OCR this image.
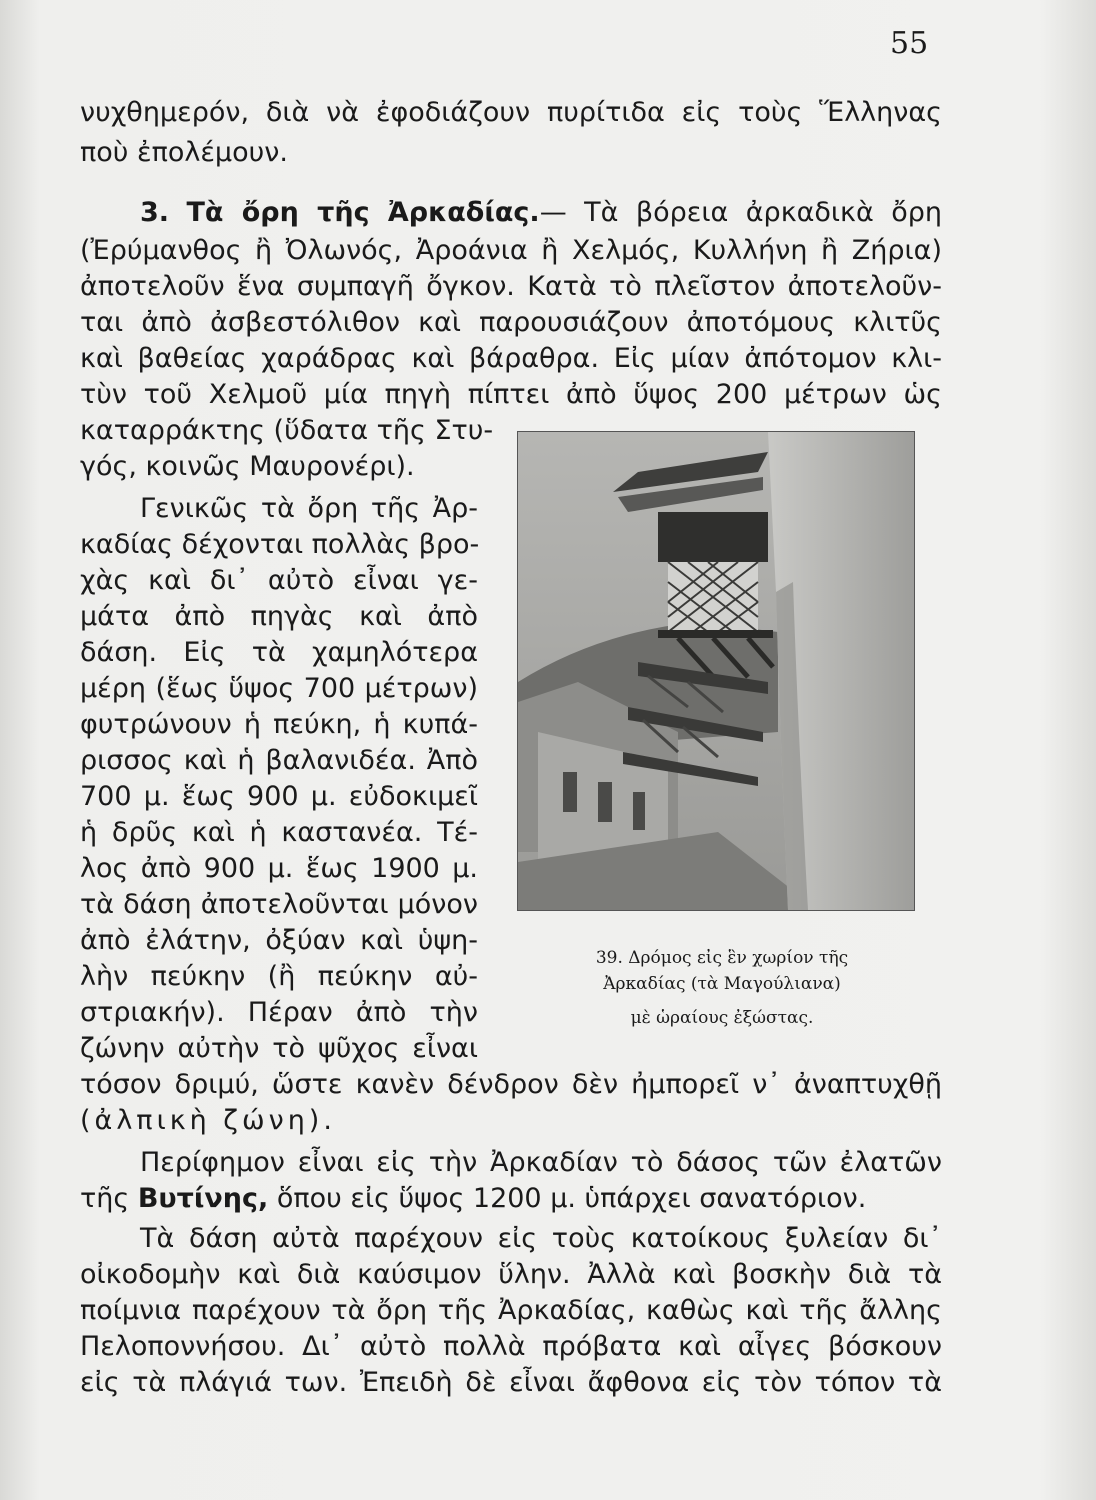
55
νυχθημερόν, διὰ νὰ ἐφοδιάζουν πυρίτιδα εἰς τοὺς Ἕλληνας
ποὺ ἐπολέμουν.
3. Τὰ ὄρη τῆς Ἀρκαδίας.— Τὰ βόρεια ἀρκαδικὰ ὄρη
(Ἐρύμανθος ἢ Ὀλωνός, Ἀροάνια ἢ Χελμός, Κυλλήνη ἢ Ζήρια)
ἀποτελοῦν ἕνα συμπαγῆ ὄγκον. Κατὰ τὸ πλεῖστον ἀποτελοῦν-
ται ἀπὸ ἀσβεστόλιθον καὶ παρουσιάζουν ἀποτόμους κλιτῦς
καὶ βαθείας χαράδρας καὶ βάραθρα. Εἰς μίαν ἀπότομον κλι-
τὺν τοῦ Χελμοῦ μία πηγὴ πίπτει ἀπὸ ὕψος 200 μέτρων ὡς
καταρράκτης (ὕδατα τῆς Στυ-
γός, κοινῶς Μαυρονέρι).
Γενικῶς τὰ ὄρη τῆς Ἀρ-
καδίας δέχονται πολλὰς βρο-
χὰς καὶ δι᾽ αὐτὸ εἶναι γε-
μάτα ἀπὸ πηγὰς καὶ ἀπὸ
δάση. Εἰς τὰ χαμηλότερα
μέρη (ἕως ὕψος 700 μέτρων)
φυτρώνουν ἡ πεύκη, ἡ κυπά-
ρισσος καὶ ἡ βαλανιδέα. Ἀπὸ
700 μ. ἕως 900 μ. εὐδοκιμεῖ
ἡ δρῦς καὶ ἡ καστανέα. Τέ-
λος ἀπὸ 900 μ. ἕως 1900 μ.
τὰ δάση ἀποτελοῦνται μόνον
ἀπὸ ἐλάτην, ὀξύαν καὶ ὑψη-
λὴν πεύκην (ἢ πεύκην αὐ-
στριακήν). Πέραν ἀπὸ τὴν
ζώνην αὐτὴν τὸ ψῦχος εἶναι
τόσον δριμύ, ὥστε κανὲν δένδρον δὲν ἠμπορεῖ ν᾽ ἀναπτυχθῇ
(ἀλπικὴ ζώνη).
Περίφημον εἶναι εἰς τὴν Ἀρκαδίαν τὸ δάσος τῶν ἐλατῶν
τῆς Βυτίνης, ὅπου εἰς ὕψος 1200 μ. ὑπάρχει σανατόριον.
Τὰ δάση αὐτὰ παρέχουν εἰς τοὺς κατοίκους ξυλείαν δι᾽
οἰκοδομὴν καὶ διὰ καύσιμον ὕλην. Ἀλλὰ καὶ βοσκὴν διὰ τὰ
ποίμνια παρέχουν τὰ ὄρη τῆς Ἀρκαδίας, καθὼς καὶ τῆς ἄλλης
Πελοποννήσου. Δι᾽ αὐτὸ πολλὰ πρόβατα καὶ αἶγες βόσκουν
εἰς τὰ πλάγιά των. Ἐπειδὴ δὲ εἶναι ἄφθονα εἰς τὸν τόπον τὰ
39. Δρόμος εἰς ἓν χωρίον τῆς
Ἀρκαδίας (τὰ Μαγούλιανα)
μὲ ὡραίους ἐξώστας.
